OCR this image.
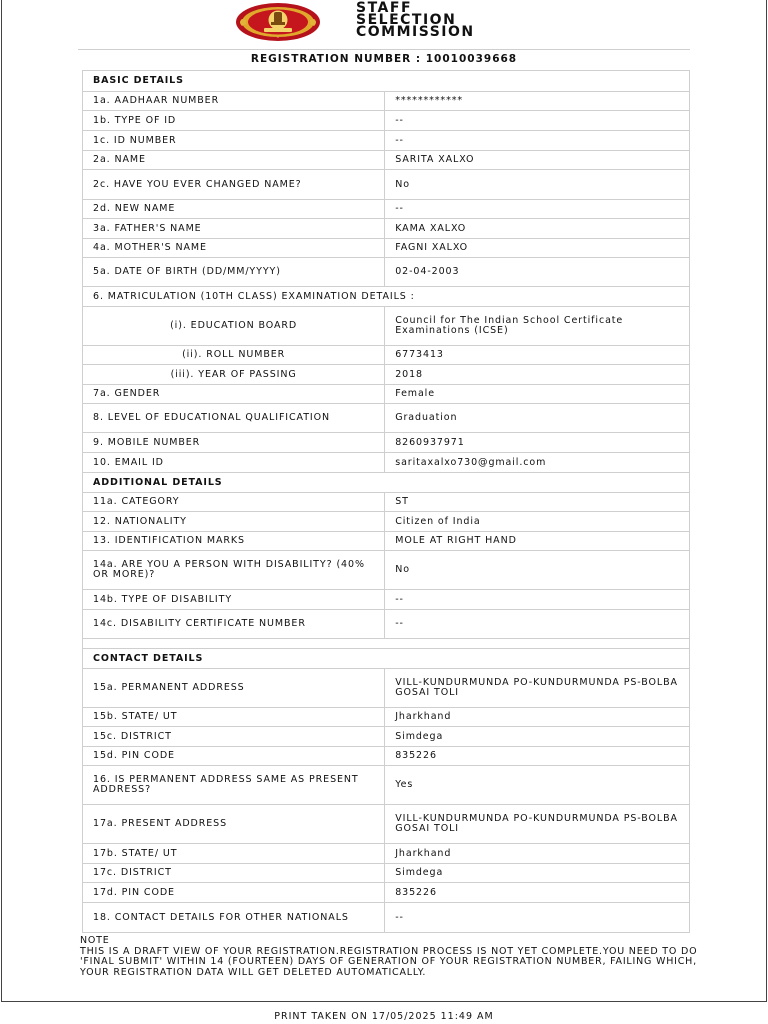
~
STAFF
SELECTION
COMMISSION
REGISTRATION NUMBER : 10010039668
BASIC DETAILS	
1a. AADHAAR NUMBER	************
1b. TYPE OF ID	--
1c. ID NUMBER	--
2a. NAME	SARITA XALXO
2c. HAVE YOU EVER CHANGED NAME?	No
2d. NEW NAME	--
3a. FATHER'S NAME	KAMA XALXO
4a. MOTHER'S NAME	FAGNI XALXO
5a. DATE OF BIRTH (DD/MM/YYYY)	02-04-2003
6. MATRICULATION (10TH CLASS) EXAMINATION DETAILS :	
(i). EDUCATION BOARD	Council for The Indian School Certificate Examinations (ICSE)
(ii). ROLL NUMBER	6773413
(iii). YEAR OF PASSING	2018
7a. GENDER	Female
8. LEVEL OF EDUCATIONAL QUALIFICATION	Graduation
9. MOBILE NUMBER	8260937971
10. EMAIL ID	saritaxalxo730@gmail.com
ADDITIONAL DETAILS	
11a. CATEGORY	ST
12. NATIONALITY	Citizen of India
13. IDENTIFICATION MARKS	MOLE AT RIGHT HAND
14a. ARE YOU A PERSON WITH DISABILITY? (40% OR MORE)?	No
14b. TYPE OF DISABILITY	--
14c. DISABILITY CERTIFICATE NUMBER	--

CONTACT DETAILS	
15a. PERMANENT ADDRESS	VILL-KUNDURMUNDA PO-KUNDURMUNDA PS-BOLBA GOSAI TOLI
15b. STATE/ UT	Jharkhand
15c. DISTRICT	Simdega
15d. PIN CODE	835226
16. IS PERMANENT ADDRESS SAME AS PRESENT ADDRESS?	Yes
17a. PRESENT ADDRESS	VILL-KUNDURMUNDA PO-KUNDURMUNDA PS-BOLBA GOSAI TOLI
17b. STATE/ UT	Jharkhand
17c. DISTRICT	Simdega
17d. PIN CODE	835226
18. CONTACT DETAILS FOR OTHER NATIONALS	--
NOTE
THIS IS A DRAFT VIEW OF YOUR REGISTRATION.REGISTRATION PROCESS IS NOT YET COMPLETE.YOU NEED TO DO 'FINAL SUBMIT' WITHIN 14 (FOURTEEN) DAYS OF GENERATION OF YOUR REGISTRATION NUMBER, FAILING WHICH, YOUR REGISTRATION DATA WILL GET DELETED AUTOMATICALLY.
PRINT TAKEN ON 17/05/2025 11:49 AM
